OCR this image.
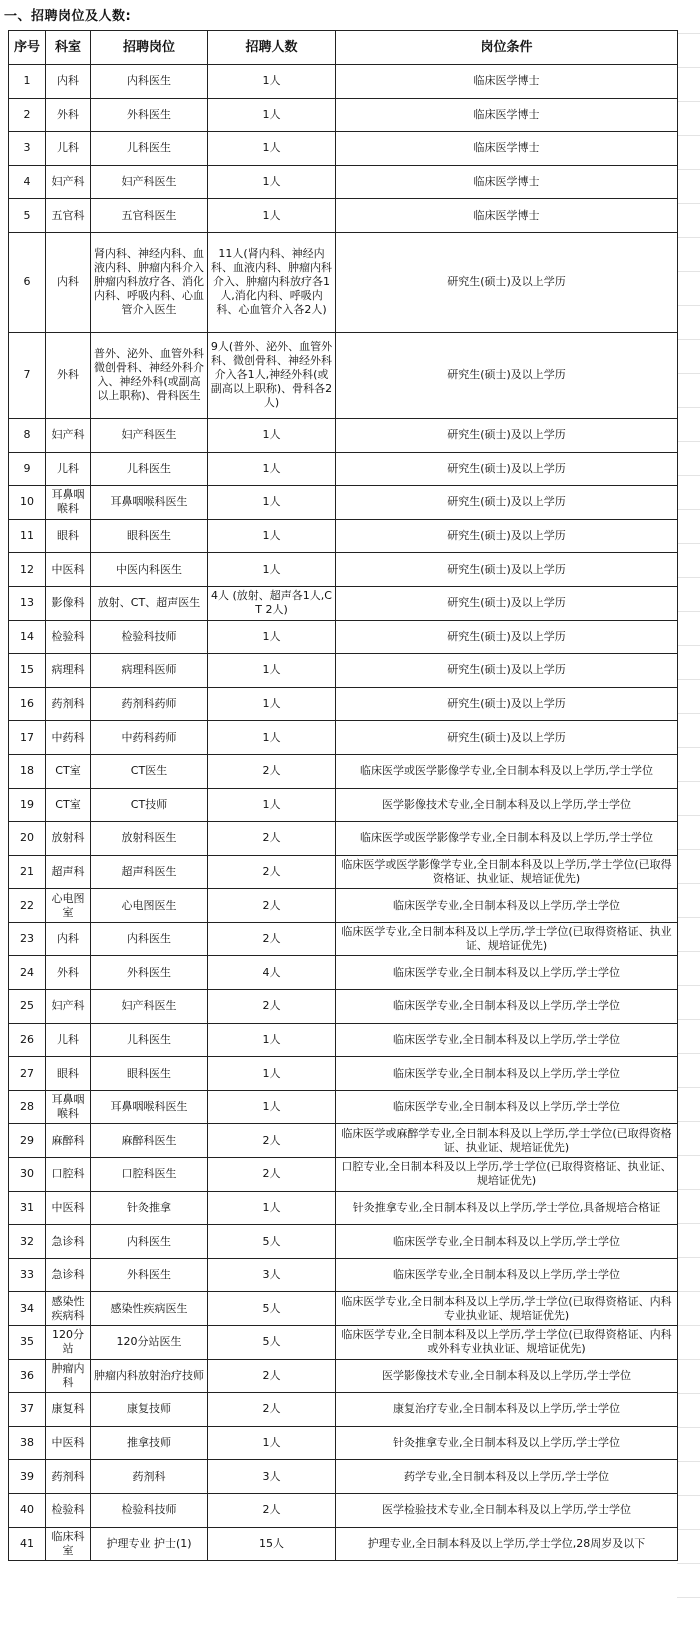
一、招聘岗位及人数:
序号	科室	招聘岗位	招聘人数	岗位条件
1	内科	内科医生	1人	临床医学博士
2	外科	外科医生	1人	临床医学博士
3	儿科	儿科医生	1人	临床医学博士
4	妇产科	妇产科医生	1人	临床医学博士
5	五官科	五官科医生	1人	临床医学博士
6	内科	肾内科、神经内科、血液内科、肿瘤内科介入肿瘤内科放疗各、消化内科、呼吸内科、心血管介入医生	11人(肾内科、神经内科、血液内科、肿瘤内科介入、肿瘤内科放疗各1人,消化内科、呼吸内科、心血管介入各2人)	研究生(硕士)及以上学历
7	外科	普外、泌外、血管外科微创骨科、神经外科介入、神经外科(或副高以上职称)、骨科医生	9人(普外、泌外、血管外科、微创骨科、神经外科介入各1人,神经外科(或副高以上职称)、骨科各2人)	研究生(硕士)及以上学历
8	妇产科	妇产科医生	1人	研究生(硕士)及以上学历
9	儿科	儿科医生	1人	研究生(硕士)及以上学历
10	耳鼻咽喉科	耳鼻咽喉科医生	1人	研究生(硕士)及以上学历
11	眼科	眼科医生	1人	研究生(硕士)及以上学历
12	中医科	中医内科医生	1人	研究生(硕士)及以上学历
13	影像科	放射、CT、超声医生	4人 (放射、超声各1人,CT 2人)	研究生(硕士)及以上学历
14	检验科	检验科技师	1人	研究生(硕士)及以上学历
15	病理科	病理科医师	1人	研究生(硕士)及以上学历
16	药剂科	药剂科药师	1人	研究生(硕士)及以上学历
17	中药科	中药科药师	1人	研究生(硕士)及以上学历
18	CT室	CT医生	2人	临床医学或医学影像学专业,全日制本科及以上学历,学士学位
19	CT室	CT技师	1人	医学影像技术专业,全日制本科及以上学历,学士学位
20	放射科	放射科医生	2人	临床医学或医学影像学专业,全日制本科及以上学历,学士学位
21	超声科	超声科医生	2人	临床医学或医学影像学专业,全日制本科及以上学历,学士学位(已取得资格证、执业证、规培证优先)
22	心电图室	心电图医生	2人	临床医学专业,全日制本科及以上学历,学士学位
23	内科	内科医生	2人	临床医学专业,全日制本科及以上学历,学士学位(已取得资格证、执业证、规培证优先)
24	外科	外科医生	4人	临床医学专业,全日制本科及以上学历,学士学位
25	妇产科	妇产科医生	2人	临床医学专业,全日制本科及以上学历,学士学位
26	儿科	儿科医生	1人	临床医学专业,全日制本科及以上学历,学士学位
27	眼科	眼科医生	1人	临床医学专业,全日制本科及以上学历,学士学位
28	耳鼻咽喉科	耳鼻咽喉科医生	1人	临床医学专业,全日制本科及以上学历,学士学位
29	麻醉科	麻醉科医生	2人	临床医学或麻醉学专业,全日制本科及以上学历,学士学位(已取得资格证、执业证、规培证优先)
30	口腔科	口腔科医生	2人	口腔专业,全日制本科及以上学历,学士学位(已取得资格证、执业证、规培证优先)
31	中医科	针灸推拿	1人	针灸推拿专业,全日制本科及以上学历,学士学位,具备规培合格证
32	急诊科	内科医生	5人	临床医学专业,全日制本科及以上学历,学士学位
33	急诊科	外科医生	3人	临床医学专业,全日制本科及以上学历,学士学位
34	感染性疾病科	感染性疾病医生	5人	临床医学专业,全日制本科及以上学历,学士学位(已取得资格证、内科专业执业证、规培证优先)
35	120分站	120分站医生	5人	临床医学专业,全日制本科及以上学历,学士学位(已取得资格证、内科或外科专业执业证、规培证优先)
36	肿瘤内科	肿瘤内科放射治疗技师	2人	医学影像技术专业,全日制本科及以上学历,学士学位
37	康复科	康复技师	2人	康复治疗专业,全日制本科及以上学历,学士学位
38	中医科	推拿技师	1人	针灸推拿专业,全日制本科及以上学历,学士学位
39	药剂科	药剂科	3人	药学专业,全日制本科及以上学历,学士学位
40	检验科	检验科技师	2人	医学检验技术专业,全日制本科及以上学历,学士学位
41	临床科室	护理专业 护士(1)	15人	护理专业,全日制本科及以上学历,学士学位,28周岁及以下
